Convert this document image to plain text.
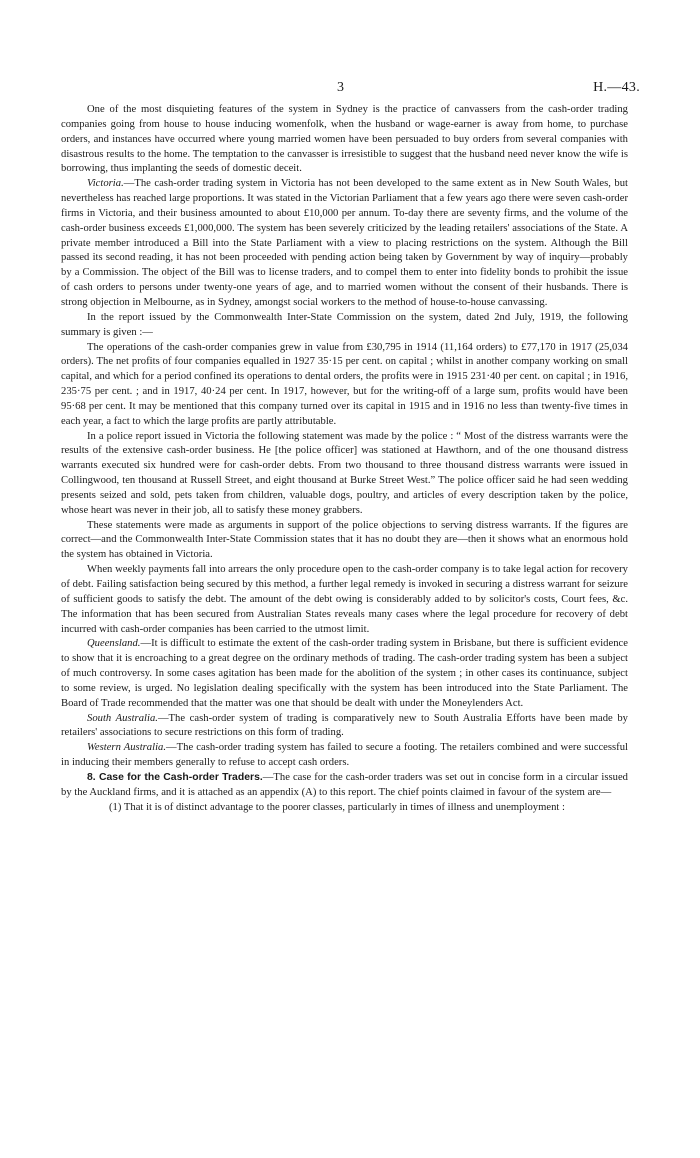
3	H.—43.

One of the most disquieting features of the system in Sydney is the practice of canvassers from the cash-order trading companies going from house to house inducing womenfolk, when the husband or wage-earner is away from home, to purchase orders, and instances have occurred where young married women have been persuaded to buy orders from several companies with disastrous results to the home. The temptation to the canvasser is irresistible to suggest that the husband need never know the wife is borrowing, thus implanting the seeds of domestic deceit.

Victoria.—The cash-order trading system in Victoria has not been developed to the same extent as in New South Wales, but nevertheless has reached large proportions. It was stated in the Victorian Parliament that a few years ago there were seven cash-order firms in Victoria, and their business amounted to about £10,000 per annum. To-day there are seventy firms, and the volume of the cash-order business exceeds £1,000,000. The system has been severely criticized by the leading retailers' associations of the State. A private member introduced a Bill into the State Parliament with a view to placing restrictions on the system. Although the Bill passed its second reading, it has not been proceeded with pending action being taken by Government by way of inquiry—probably by a Commission. The object of the Bill was to license traders, and to compel them to enter into fidelity bonds to prohibit the issue of cash orders to persons under twenty-one years of age, and to married women without the consent of their husbands. There is strong objection in Melbourne, as in Sydney, amongst social workers to the method of house-to-house canvassing.

In the report issued by the Commonwealth Inter-State Commission on the system, dated 2nd July, 1919, the following summary is given :—

The operations of the cash-order companies grew in value from £30,795 in 1914 (11,164 orders) to £77,170 in 1917 (25,034 orders). The net profits of four companies equalled in 1927 35·15 per cent. on capital ; whilst in another company working on small capital, and which for a period confined its operations to dental orders, the profits were in 1915 231·40 per cent. on capital ; in 1916, 235·75 per cent. ; and in 1917, 40·24 per cent. In 1917, however, but for the writing-off of a large sum, profits would have been 95·68 per cent. It may be mentioned that this company turned over its capital in 1915 and in 1916 no less than twenty-five times in each year, a fact to which the large profits are partly attributable.

In a police report issued in Victoria the following statement was made by the police : “ Most of the distress warrants were the results of the extensive cash-order business. He [the police officer] was stationed at Hawthorn, and of the one thousand distress warrants executed six hundred were for cash-order debts. From two thousand to three thousand distress warrants were issued in Collingwood, ten thousand at Russell Street, and eight thousand at Burke Street West.” The police officer said he had seen wedding presents seized and sold, pets taken from children, valuable dogs, poultry, and articles of every description taken by the police, whose heart was never in their job, all to satisfy these money grabbers.

These statements were made as arguments in support of the police objections to serving distress warrants. If the figures are correct—and the Commonwealth Inter-State Commission states that it has no doubt they are—then it shows what an enormous hold the system has obtained in Victoria.

When weekly payments fall into arrears the only procedure open to the cash-order company is to take legal action for recovery of debt. Failing satisfaction being secured by this method, a further legal remedy is invoked in securing a distress warrant for seizure of sufficient goods to satisfy the debt. The amount of the debt owing is considerably added to by solicitor's costs, Court fees, &c. The information that has been secured from Australian States reveals many cases where the legal procedure for recovery of debt incurred with cash-order companies has been carried to the utmost limit.

Queensland.—It is difficult to estimate the extent of the cash-order trading system in Brisbane, but there is sufficient evidence to show that it is encroaching to a great degree on the ordinary methods of trading. The cash-order trading system has been a subject of much controversy. In some cases agitation has been made for the abolition of the system ; in other cases its continuance, subject to some review, is urged. No legislation dealing specifically with the system has been introduced into the State Parliament. The Board of Trade recommended that the matter was one that should be dealt with under the Moneylenders Act.

South Australia.—The cash-order system of trading is comparatively new to South Australia Efforts have been made by retailers' associations to secure restrictions on this form of trading.

Western Australia.—The cash-order trading system has failed to secure a footing. The retailers combined and were successful in inducing their members generally to refuse to accept cash orders.

8. Case for the Cash-order Traders.—The case for the cash-order traders was set out in concise form in a circular issued by the Auckland firms, and it is attached as an appendix (A) to this report. The chief points claimed in favour of the system are—

(1) That it is of distinct advantage to the poorer classes, particularly in times of illness and unemployment :
